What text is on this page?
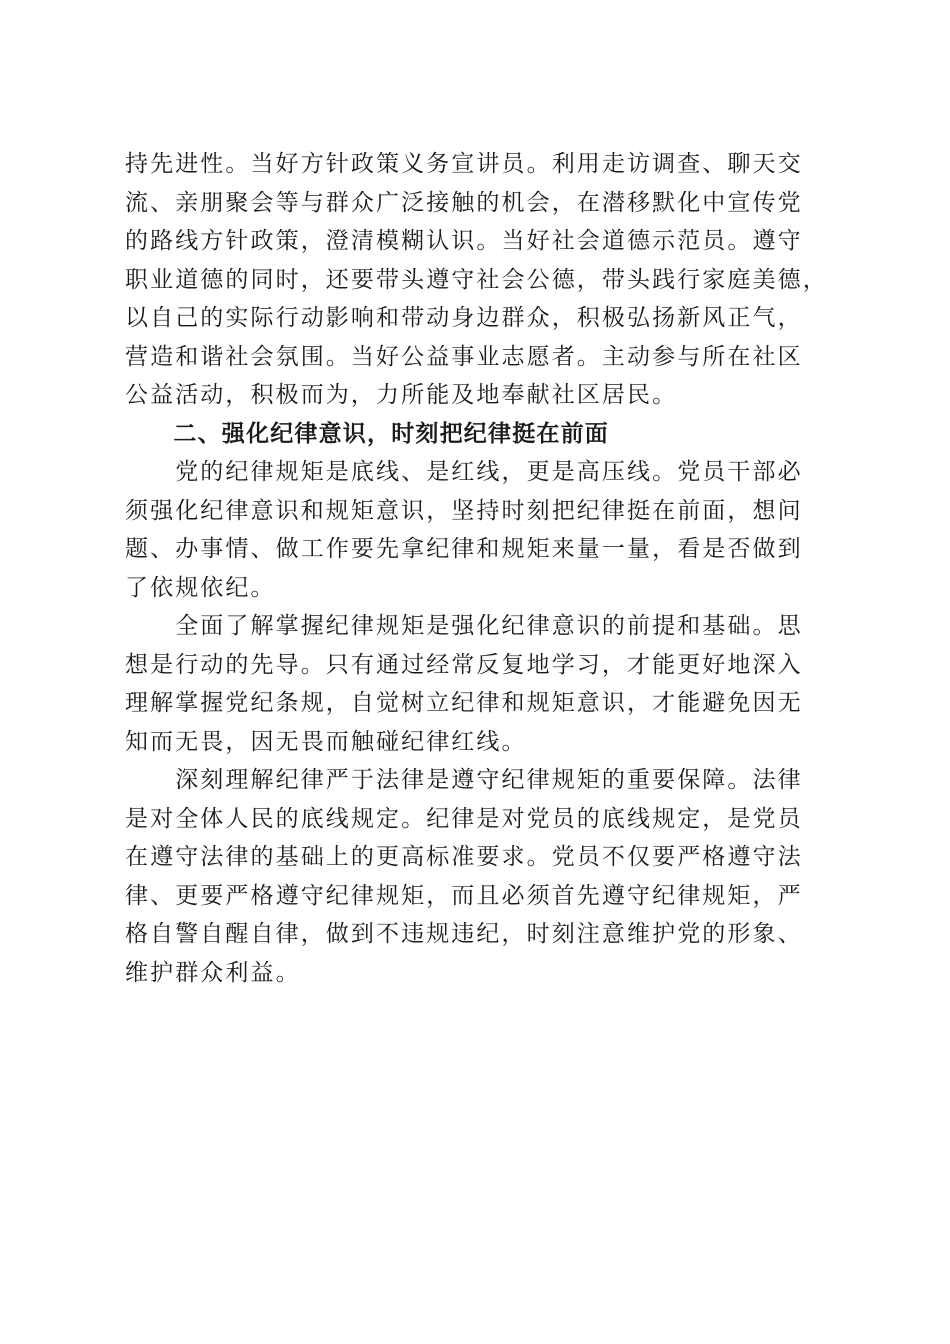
持先进性。当好方针政策义务宣讲员。利用走访调查、聊天交
流、亲朋聚会等与群众广泛接触的机会，在潜移默化中宣传党
的路线方针政策，澄清模糊认识。当好社会道德示范员。遵守
职业道德的同时，还要带头遵守社会公德，带头践行家庭美德，
以自己的实际行动影响和带动身边群众，积极弘扬新风正气，
营造和谐社会氛围。当好公益事业志愿者。主动参与所在社区
公益活动，积极而为，力所能及地奉献社区居民。
　　二、强化纪律意识，时刻把纪律挺在前面
　　党的纪律规矩是底线、是红线，更是高压线。党员干部必
须强化纪律意识和规矩意识，坚持时刻把纪律挺在前面，想问
题、办事情、做工作要先拿纪律和规矩来量一量，看是否做到
了依规依纪。
　　全面了解掌握纪律规矩是强化纪律意识的前提和基础。思
想是行动的先导。只有通过经常反复地学习，才能更好地深入
理解掌握党纪条规，自觉树立纪律和规矩意识，才能避免因无
知而无畏，因无畏而触碰纪律红线。
　　深刻理解纪律严于法律是遵守纪律规矩的重要保障。法律
是对全体人民的底线规定。纪律是对党员的底线规定，是党员
在遵守法律的基础上的更高标准要求。党员不仅要严格遵守法
律、更要严格遵守纪律规矩，而且必须首先遵守纪律规矩，严
格自警自醒自律，做到不违规违纪，时刻注意维护党的形象、
维护群众利益。
